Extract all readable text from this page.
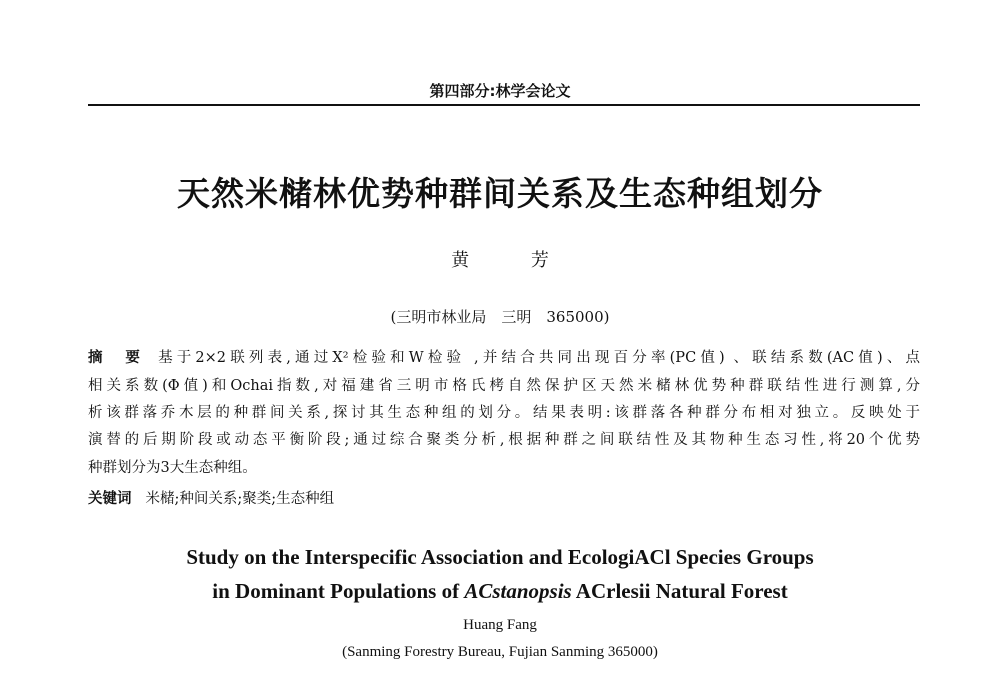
第四部分:林学会论文
天然米槠林优势种群间关系及生态种组划分
黄 芳
(三明市林业局　三明　365000)
摘　要 基于2×2联列表,通过X²检验和W检验 ,并结合共同出现百分率(PC值) 、联结系数(AC值)、点
相关系数(Φ值)和Ochai指数,对福建省三明市格氏栲自然保护区天然米槠林优势种群联结性进行测算,分
析该群落乔木层的种群间关系,探讨其生态种组的划分。结果表明:该群落各种群分布相对独立。反映处于
演替的后期阶段或动态平衡阶段;通过综合聚类分析,根据种群之间联结性及其物种生态习性,将20个优势
种群划分为3大生态种组。
关键词 米槠;种间关系;聚类;生态种组
Study on the Interspecific Association and EcologiACl Species Groups
in Dominant Populations of ACstanopsis ACrlesii Natural Forest
Huang Fang
(Sanming Forestry Bureau, Fujian Sanming 365000)
